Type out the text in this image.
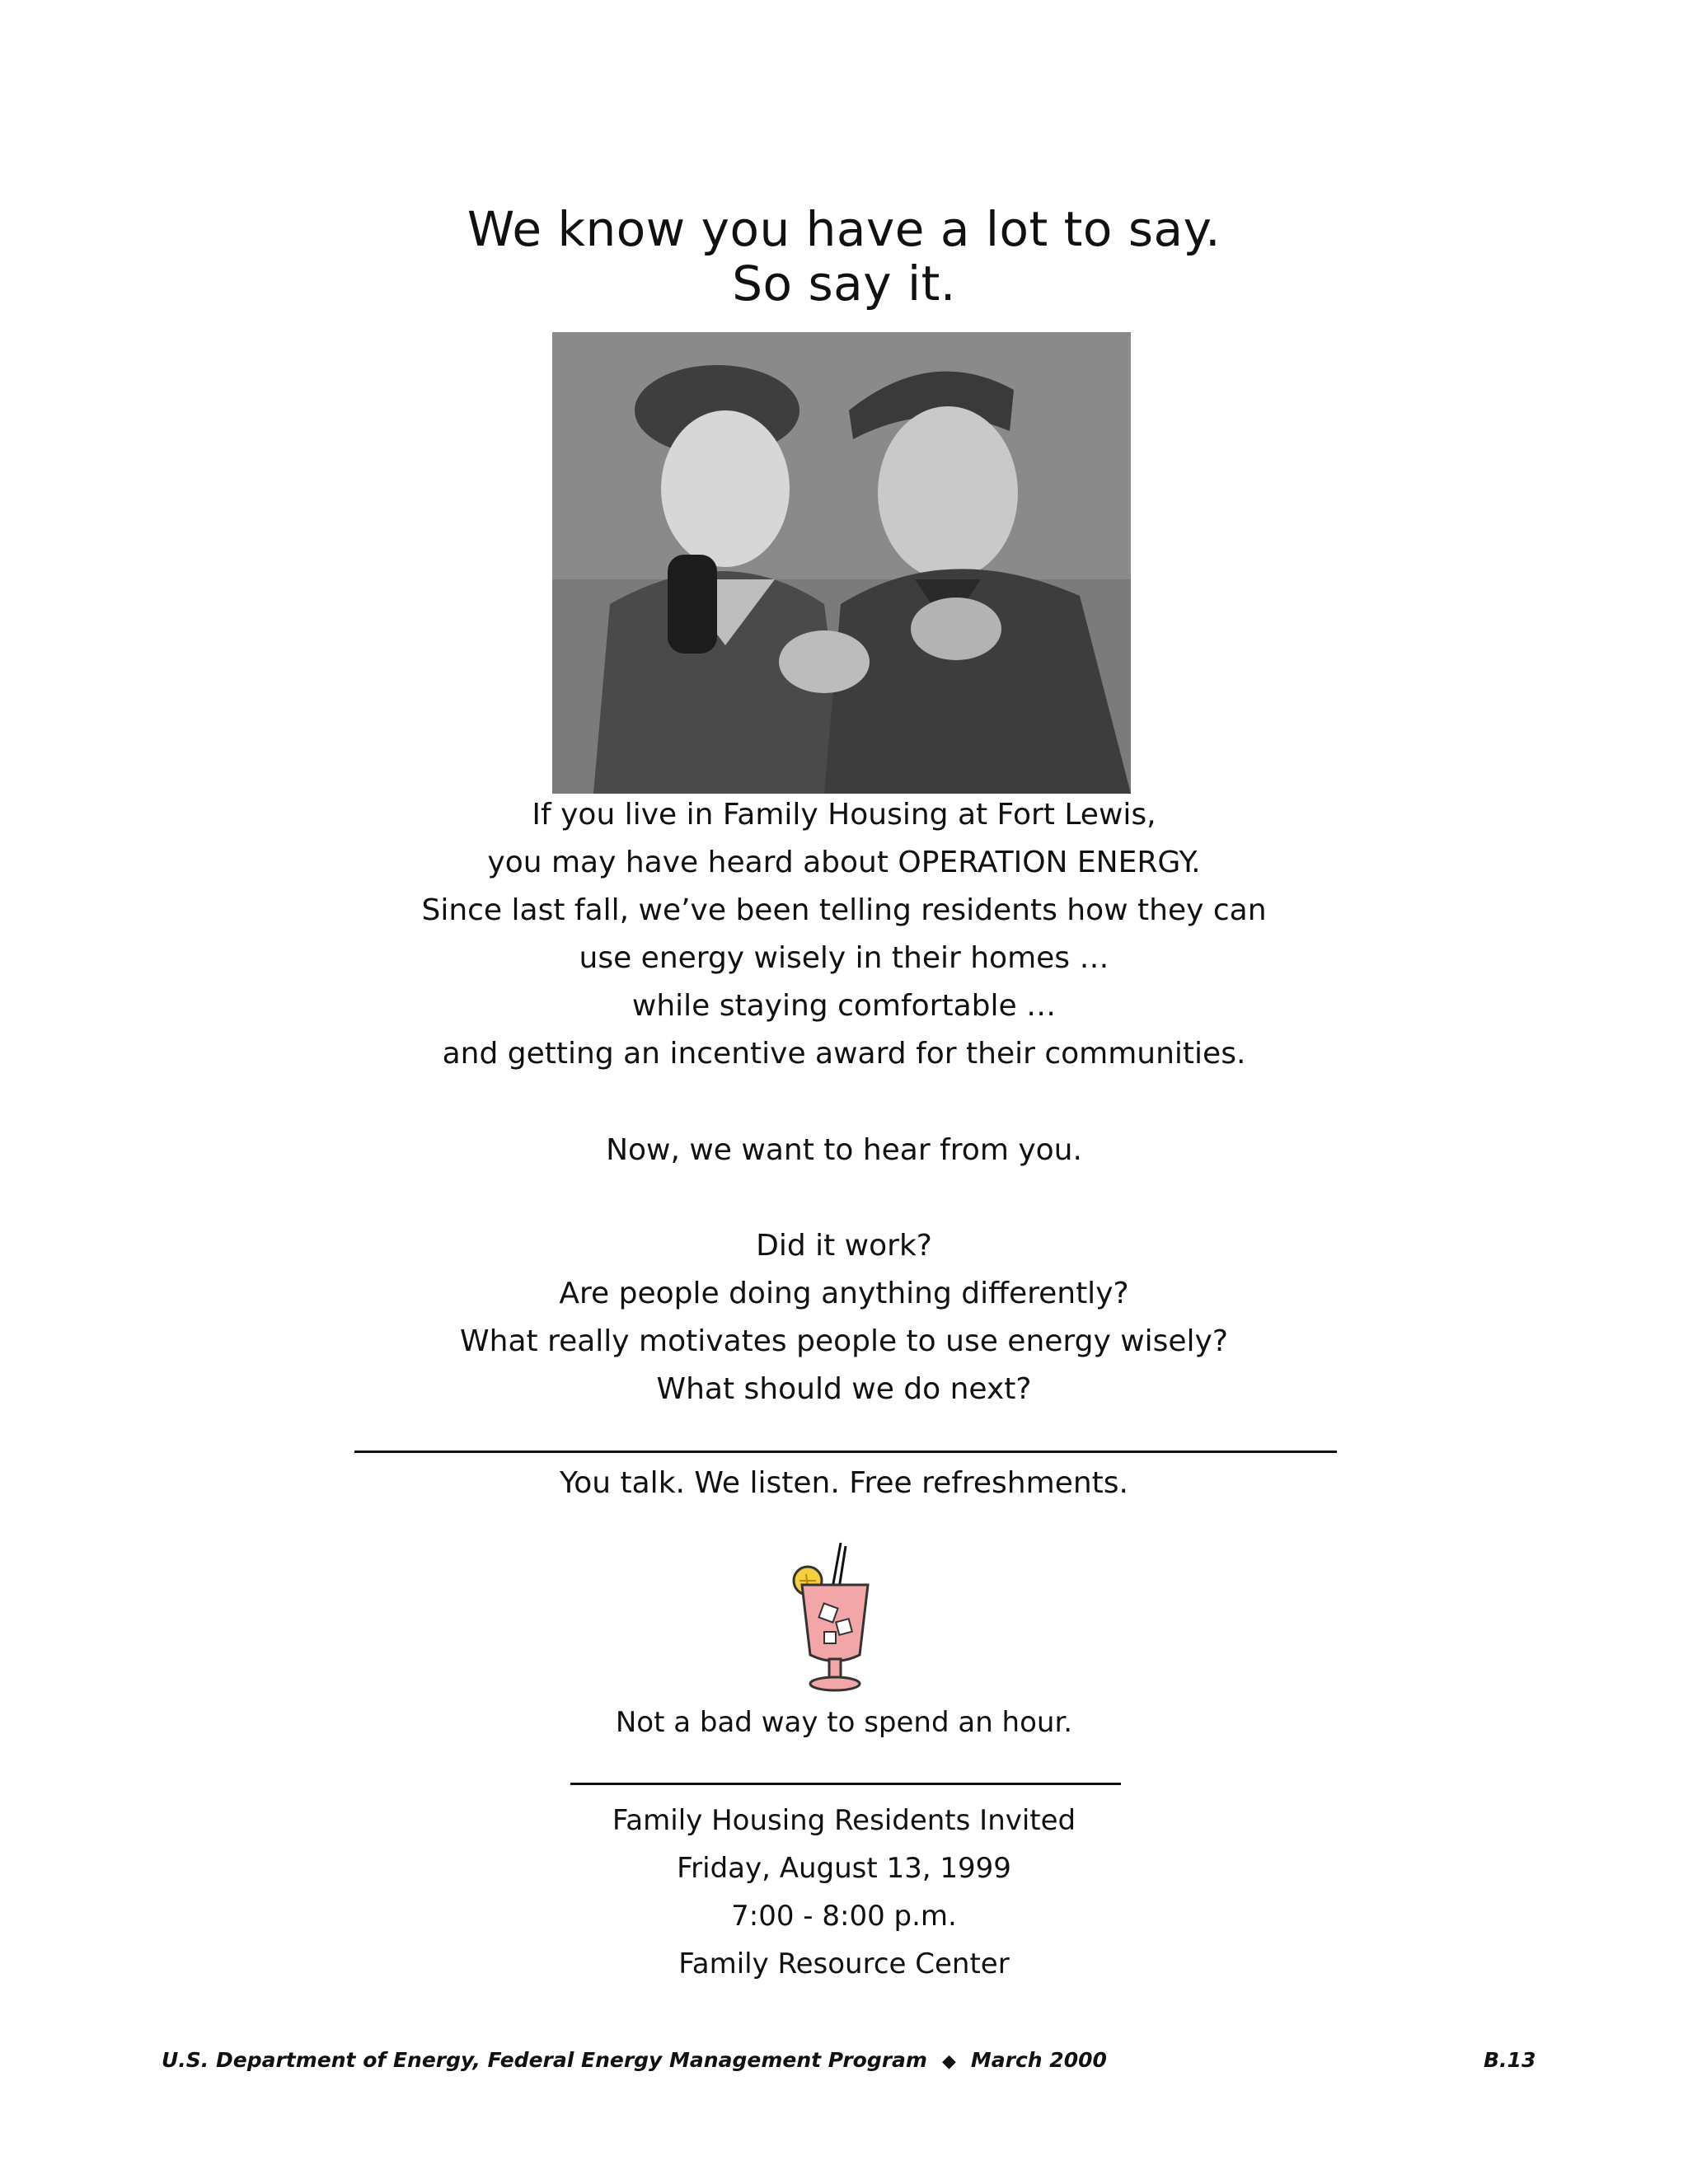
We know you have a lot to say.
So say it.
If you live in Family Housing at Fort Lewis,
you may have heard about OPERATION ENERGY.
Since last fall, we’ve been telling residents how they can
use energy wisely in their homes …
while staying comfortable …
and getting an incentive award for their communities.
Now, we want to hear from you.
Did it work?
Are people doing anything differently?
What really motivates people to use energy wisely?
What should we do next?
You talk. We listen. Free refreshments.
Not a bad way to spend an hour.
Family Housing Residents Invited
Friday, August 13, 1999
7:00 - 8:00 p.m.
Family Resource Center
U.S. Department of Energy, Federal Energy Management Program ◆ March 2000	B.13
